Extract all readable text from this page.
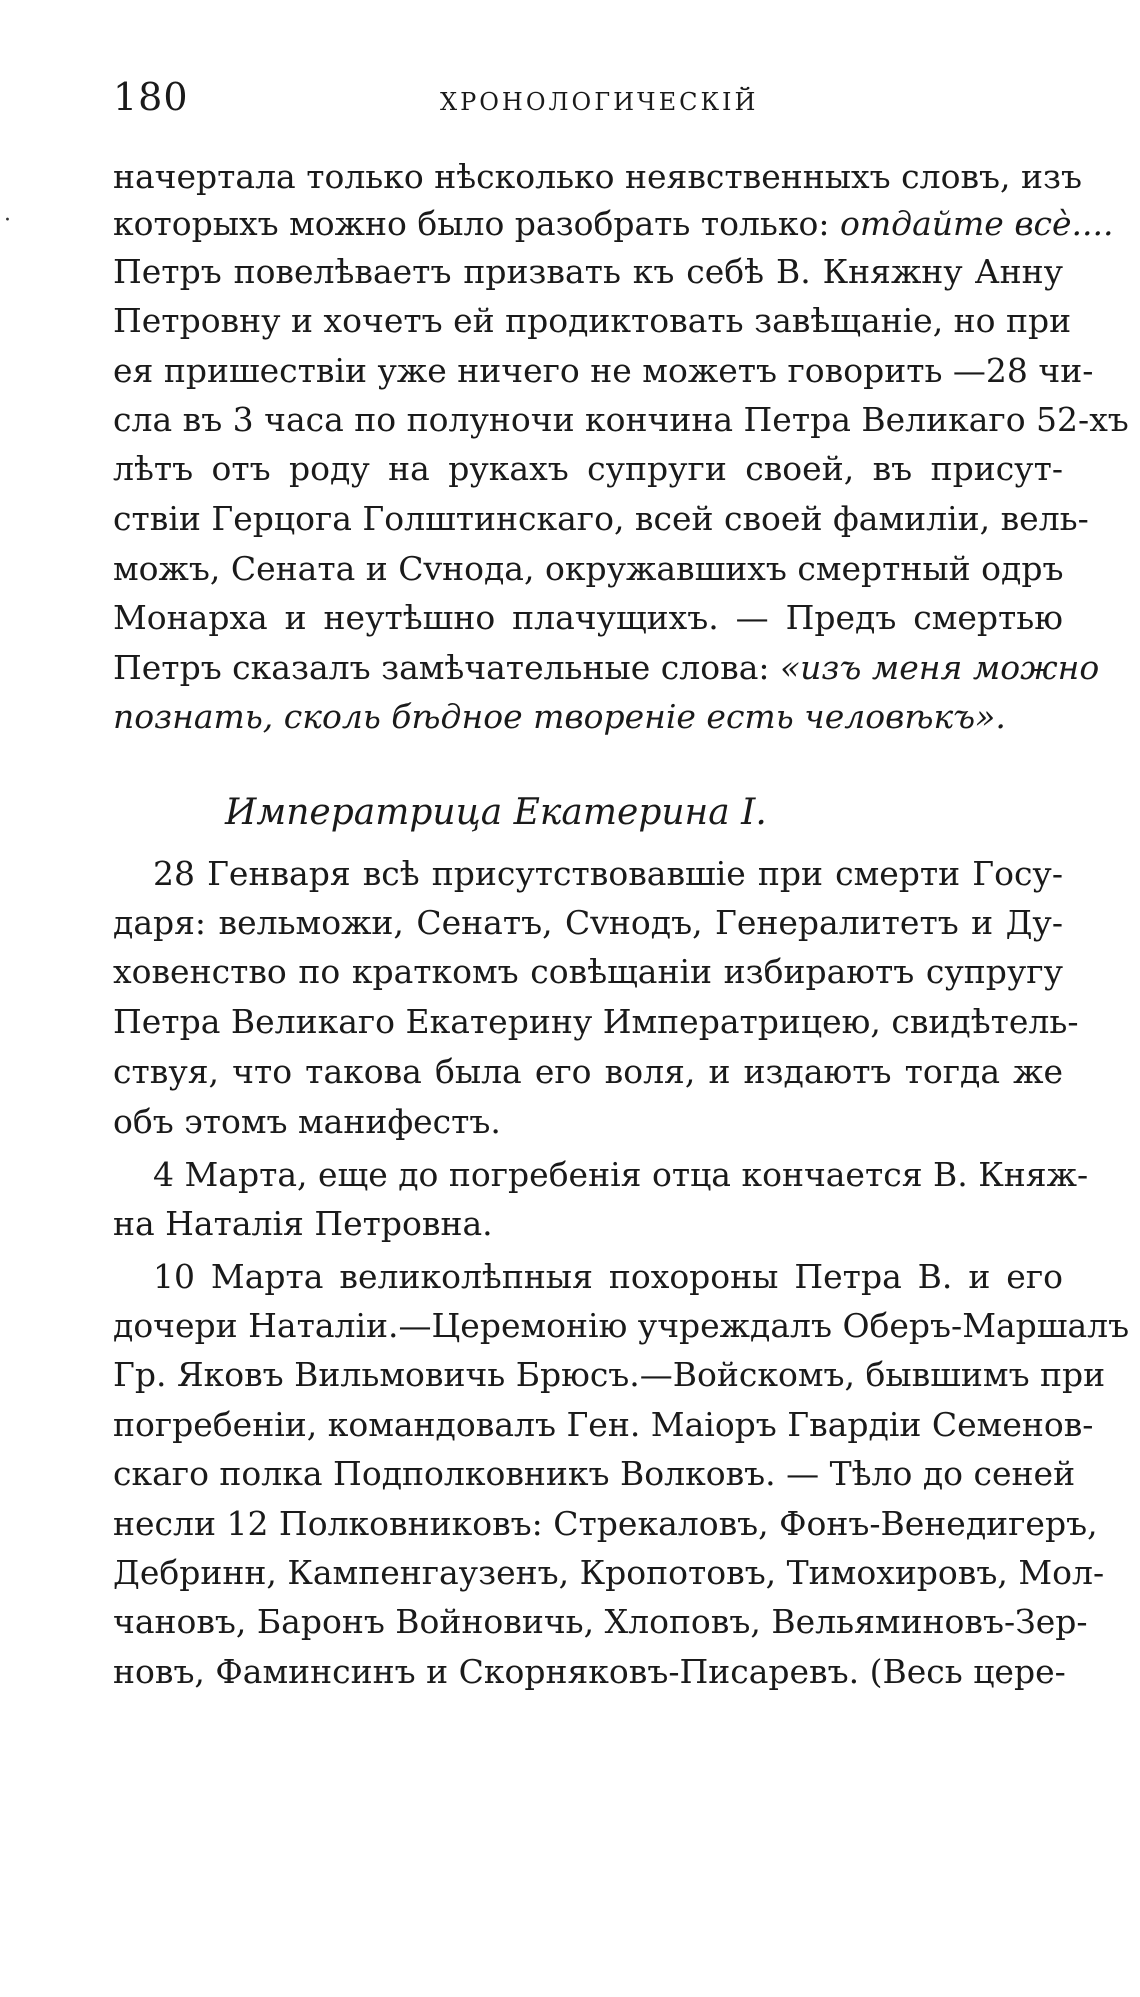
180	ХРОНОЛОГИЧЕСКІЙ
·
начертала только нѣсколько неявственныхъ словъ, изъ
которыхъ можно было разобрать только: отдайте всѐ....
Петръ повелѣваетъ призвать къ себѣ В. Княжну Анну
Петровну и хочетъ ей продиктовать завѣщаніе, но при
ея пришествіи уже ничего не можетъ говорить —28 чи-
сла въ 3 часа по полуночи кончина Петра Великаго 52-хъ
лѣтъ отъ роду на рукахъ супруги своей, въ присут-
ствіи Герцога Голштинскаго, всей своей фамиліи, вель-
можъ, Сената и Сvнода, окружавшихъ смертный одръ
Монарха и неутѣшно плачущихъ. — Предъ смертью
Петръ сказалъ замѣчательные слова: «изъ меня можно
познать, сколь бѣдное твореніе есть человѣкъ».
Императрица Екатерина I.
28 Генваря всѣ присутствовавшіе при смерти Госу-
даря: вельможи, Сенатъ, Сvнодъ, Генералитетъ и Ду-
ховенство по краткомъ совѣщаніи избираютъ супругу
Петра Великаго Екатерину Императрицею, свидѣтель-
ствуя, что такова была его воля, и издаютъ тогда же
объ этомъ манифестъ.
4 Марта, еще до погребенія отца кончается В. Княж-
на Наталія Петровна.
10 Марта великолѣпныя похороны Петра В. и его
дочери Наталіи.—Церемонію учреждалъ Оберъ-Маршалъ
Гр. Яковъ Вильмовичь Брюсъ.—Войскомъ, бывшимъ при
погребеніи, командовалъ Ген. Маіоръ Гвардіи Семенов-
скаго полка Подполковникъ Волковъ. — Тѣло до сеней
несли 12 Полковниковъ: Стрекаловъ, Фонъ-Венедигеръ,
Дебринн, Кампенгаузенъ, Кропотовъ, Тимохировъ, Мол-
чановъ, Баронъ Войновичь, Хлоповъ, Вельяминовъ-Зер-
новъ, Фаминсинъ и Скорняковъ-Писаревъ. (Весь цере-
